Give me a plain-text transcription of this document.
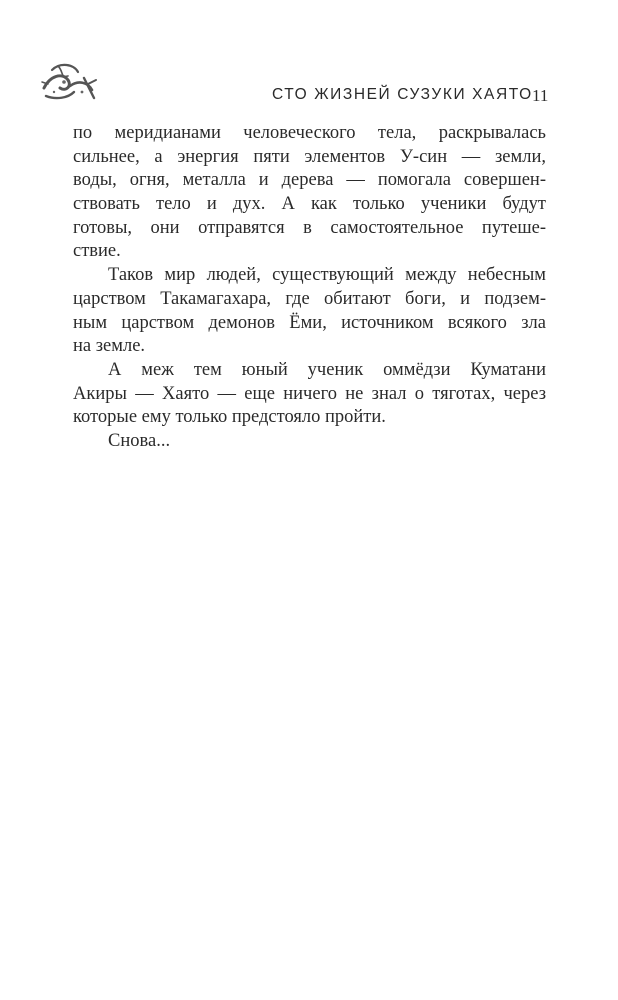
СТО ЖИЗНЕЙ СУЗУКИ ХАЯТО 11
по меридианами человеческого тела, раскрывалась
сильнее, а энергия пяти элементов У-син — земли,
воды, огня, металла и дерева — помогала совершен-
ствовать тело и дух. А как только ученики будут
готовы, они отправятся в самостоятельное путеше-
ствие.
Таков мир людей, существующий между небесным
царством Такамагахара, где обитают боги, и подзем-
ным царством демонов Ёми, источником всякого зла
на земле.
А меж тем юный ученик оммёдзи Куматани
Акиры — Хаято — еще ничего не знал о тяготах, через
которые ему только предстояло пройти.
Снова...
